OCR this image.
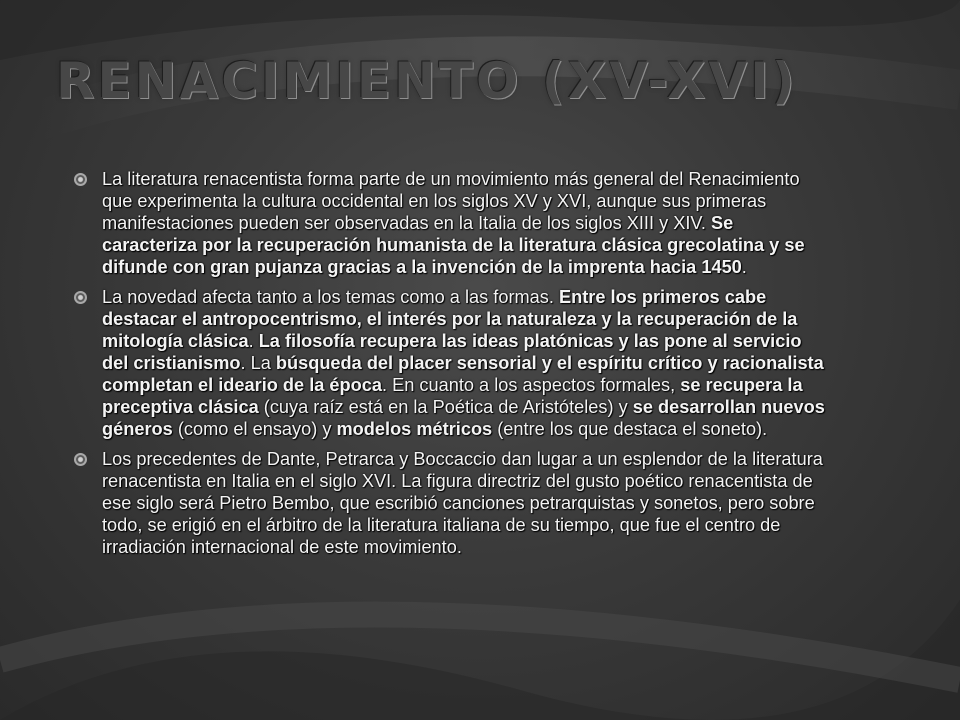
RENACIMIENTO (XV-XVI)
La literatura renacentista forma parte de un movimiento más general del Renacimiento que experimenta la cultura occidental en los siglos XV y XVI, aunque sus primeras manifestaciones pueden ser observadas en la Italia de los siglos XIII y XIV. Se caracteriza por la recuperación humanista de la literatura clásica grecolatina y se difunde con gran pujanza gracias a la invención de la imprenta hacia 1450.
La novedad afecta tanto a los temas como a las formas. Entre los primeros cabe destacar el antropocentrismo, el interés por la naturaleza y la recuperación de la mitología clásica. La filosofía recupera las ideas platónicas y las pone al servicio del cristianismo. La búsqueda del placer sensorial y el espíritu crítico y racionalista completan el ideario de la época. En cuanto a los aspectos formales, se recupera la preceptiva clásica (cuya raíz está en la Poética de Aristóteles) y se desarrollan nuevos géneros (como el ensayo) y modelos métricos (entre los que destaca el soneto).
Los precedentes de Dante, Petrarca y Boccaccio dan lugar a un esplendor de la literatura renacentista en Italia en el siglo XVI. La figura directriz del gusto poético renacentista de ese siglo será Pietro Bembo, que escribió canciones petrarquistas y sonetos, pero sobre todo, se erigió en el árbitro de la literatura italiana de su tiempo, que fue el centro de irradiación internacional de este movimiento.
